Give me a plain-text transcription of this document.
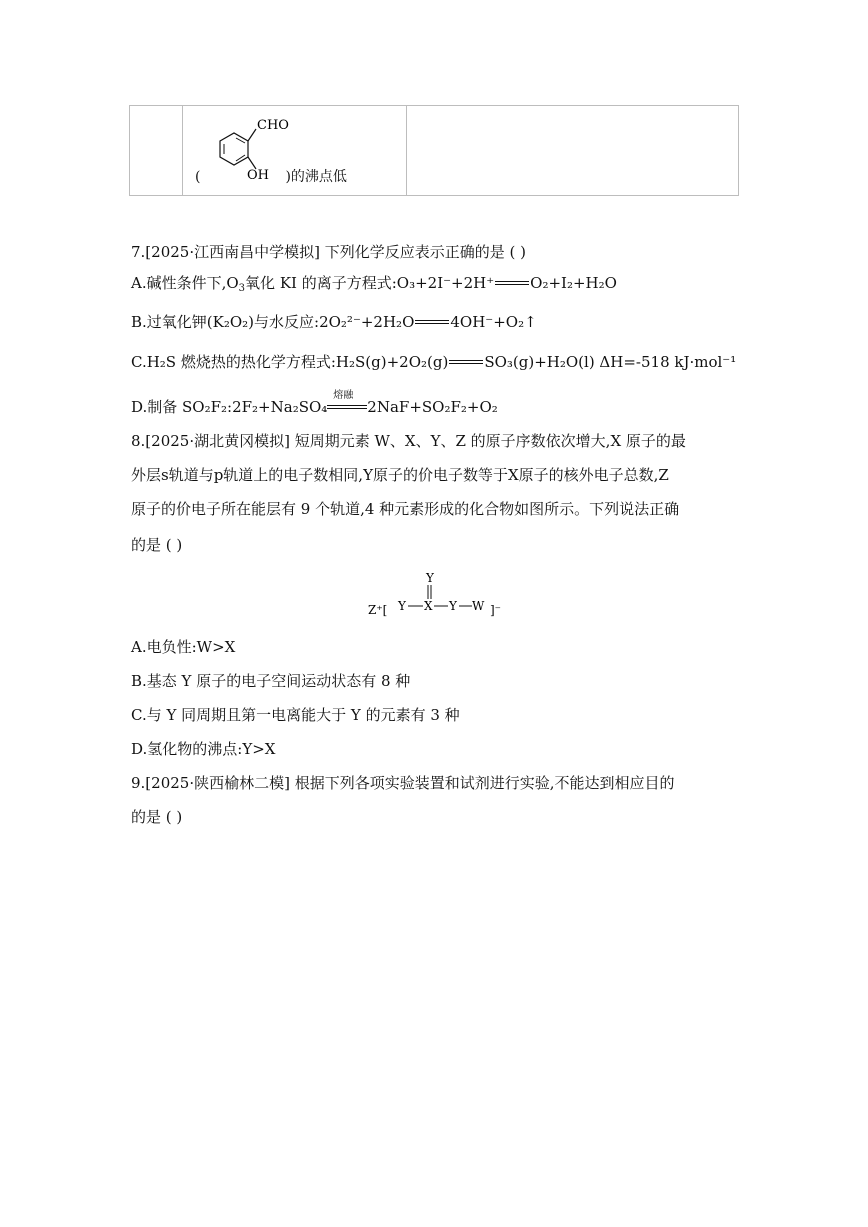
CHO
OH
(	)的沸点低
7.[2025·江西南昌中学模拟] 下列化学反应表示正确的是 ( )
A.碱性条件下$,O_3$氧化 KI 的离子方程式:O₃+2I⁻+2H⁺ O₂+I₂+H₂O
B.过氧化钾(K₂O₂)与水反应:2O₂²⁻+2H₂O 4OH⁻+O₂↑
C.H₂S 燃烧热的热化学方程式:H₂S(g)+2O₂(g) SO₃(g)+H₂O(l) ΔH=-518 kJ·mol⁻¹
D.制备 SO₂F₂:2F₂+Na₂SO₄
熔融
2NaF+SO₂F₂+O₂
8.[2025·湖北黄冈模拟] 短周期元素 W、X、Y、Z 的原子序数依次增大,X 原子的最
外层s轨道与p轨道上的电子数相同,Y原子的价电子数等于X原子的核外电子总数,Z
原子的价电子所在能层有 9 个轨道,4 种元素形成的化合物如图所示。下列说法正确
的是 ( )
Y
Z⁺[ Y X Y W ]⁻
A.电负性:W>X
B.基态 Y 原子的电子空间运动状态有 8 种
C.与 Y 同周期且第一电离能大于 Y 的元素有 3 种
D.氢化物的沸点:Y>X
9.[2025·陕西榆林二模] 根据下列各项实验装置和试剂进行实验,不能达到相应目的
的是 ( )
